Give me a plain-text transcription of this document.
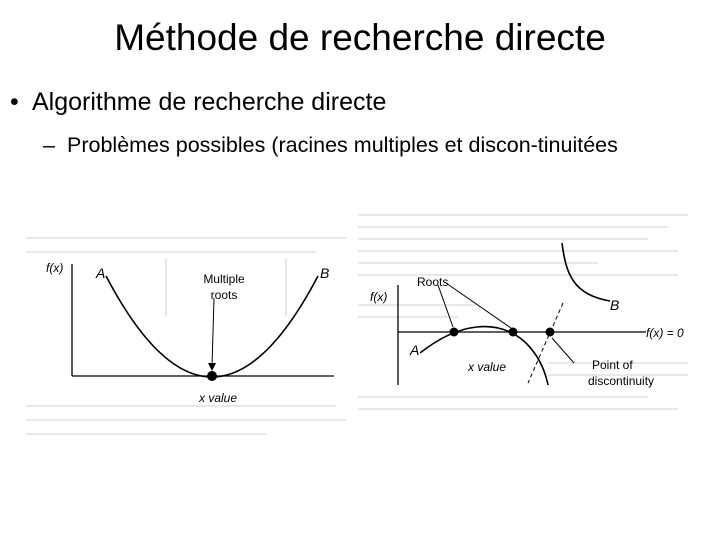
Méthode de recherche directe
• Algorithme de recherche directe
– Problèmes possibles (racines multiples et discon-tinuitées
f(x) A	B
Multiple
roots
x value
f(x)
Roots
A
B
f(x) = 0
x value	Point of
discontinuity
